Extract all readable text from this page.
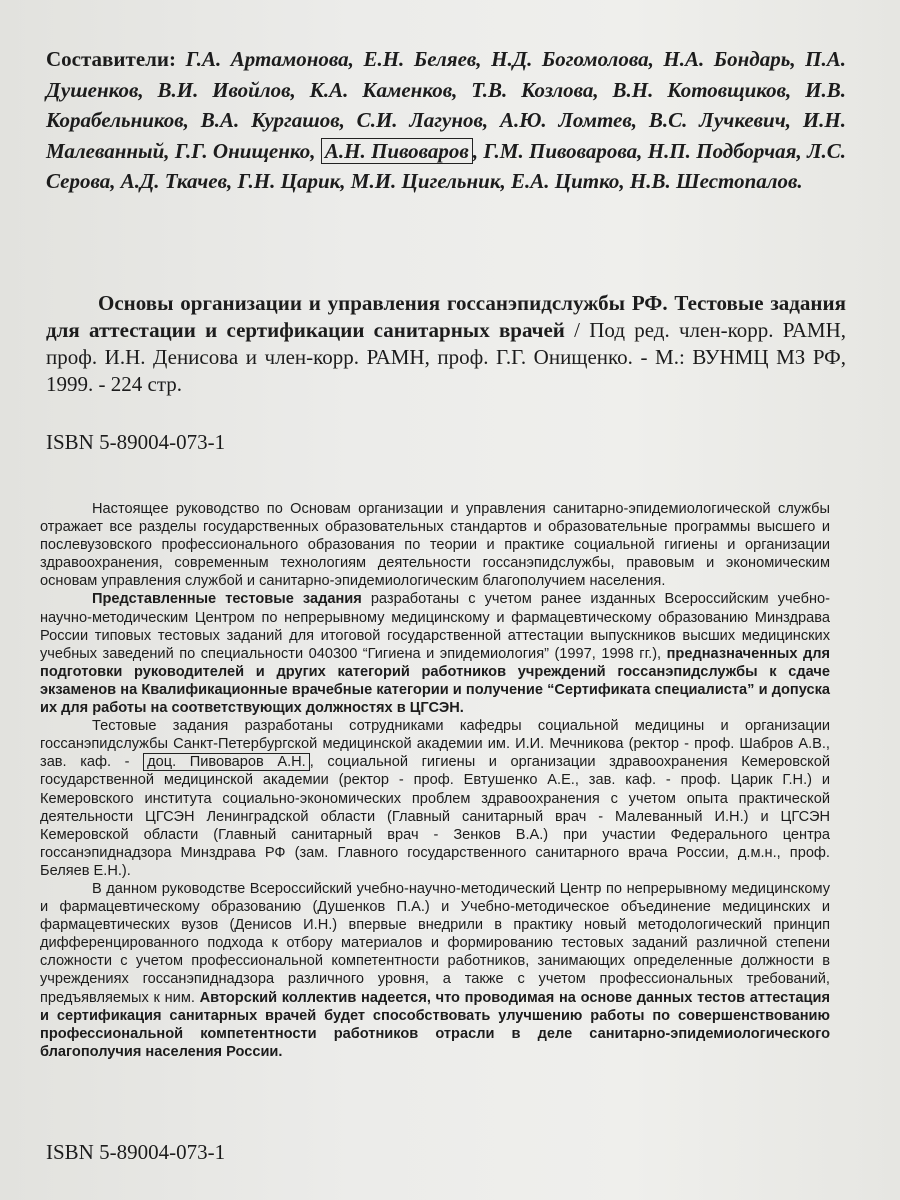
Составители: Г.А. Артамонова, Е.Н. Беляев, Н.Д. Богомолова, Н.А. Бондарь, П.А. Душенков, В.И. Ивойлов, К.А. Каменков, Т.В. Козлова, В.Н. Котовщиков, И.В. Корабельников, В.А. Кургашов, С.И. Лагунов, А.Ю. Ломтев, В.С. Лучкевич, И.Н. Малеванный, Г.Г. Онищенко, А.Н. Пивоваров , Г.М. Пивоварова, Н.П. Подборчая, Л.С. Серова, А.Д. Ткачев, Г.Н. Царик, М.И. Цигельник, Е.А. Цитко, Н.В. Шестопалов.
Основы организации и управления госсанэпидслужбы РФ. Тестовые задания для аттестации и сертификации санитарных врачей / Под ред. член-корр. РАМН, проф. И.Н. Денисова и член-корр. РАМН, проф. Г.Г. Онищенко. - М.: ВУНМЦ МЗ РФ, 1999. - 224 стр.
ISBN 5-89004-073-1

Настоящее руководство по Основам организации и управления санитарно-эпидемиологической службы отражает все разделы государственных образовательных стандартов и образовательные программы высшего и послевузовского профессионального образования по теории и практике социальной гигиены и организации здравоохранения, современным технологиям деятельности госсанэпидслужбы, правовым и экономическим основам управления службой и санитарно-эпидемиологическим благополучием населения.

Представленные тестовые задания разработаны с учетом ранее изданных Всероссийским учебно-научно-методическим Центром по непрерывному медицинскому и фармацевтическому образованию Минздрава России типовых тестовых заданий для итоговой государственной аттестации выпускников высших медицинских учебных заведений по специальности 040300 “Гигиена и эпидемиология” (1997, 1998 гг.), предназначенных для подготовки руководителей и других категорий работников учреждений госсанэпидслужбы к сдаче экзаменов на Квалификационные врачебные категории и получение “Сертификата специалиста” и допуска их для работы на соответствующих должностях в ЦГСЭН.

Тестовые задания разработаны сотрудниками кафедры социальной медицины и организации госсанэпидслужбы Санкт-Петербургской медицинской академии им. И.И. Мечникова (ректор - проф. Шабров А.В., зав. каф. - доц. Пивоваров А.Н. , социальной гигиены и организации здравоохранения Кемеровской государственной медицинской академии (ректор - проф. Евтушенко А.Е., зав. каф. - проф. Царик Г.Н.) и Кемеровского института социально-экономических проблем здравоохранения с учетом опыта практической деятельности ЦГСЭН Ленинградской области (Главный санитарный врач - Малеванный И.Н.) и ЦГСЭН Кемеровской области (Главный санитарный врач - Зенков В.А.) при участии Федерального центра госсанэпиднадзора Минздрава РФ (зам. Главного государственного санитарного врача России, д.м.н., проф. Беляев Е.Н.).

В данном руководстве Всероссийский учебно-научно-методический Центр по непрерывному медицинскому и фармацевтическому образованию (Душенков П.А.) и Учебно-методическое объединение медицинских и фармацевтических вузов (Денисов И.Н.) впервые внедрили в практику новый методологический принцип дифференцированного подхода к отбору материалов и формированию тестовых заданий различной степени сложности с учетом профессиональной компетентности работников, занимающих определенные должности в учреждениях госсанэпиднадзора различного уровня, а также с учетом профессиональных требований, предъявляемых к ним. Авторский коллектив надеется, что проводимая на основе данных тестов аттестация и сертификация санитарных врачей будет способствовать улучшению работы по совершенствованию профессиональной компетентности работников отрасли в деле санитарно-эпидемиологического благополучия населения России.

ISBN 5-89004-073-1
